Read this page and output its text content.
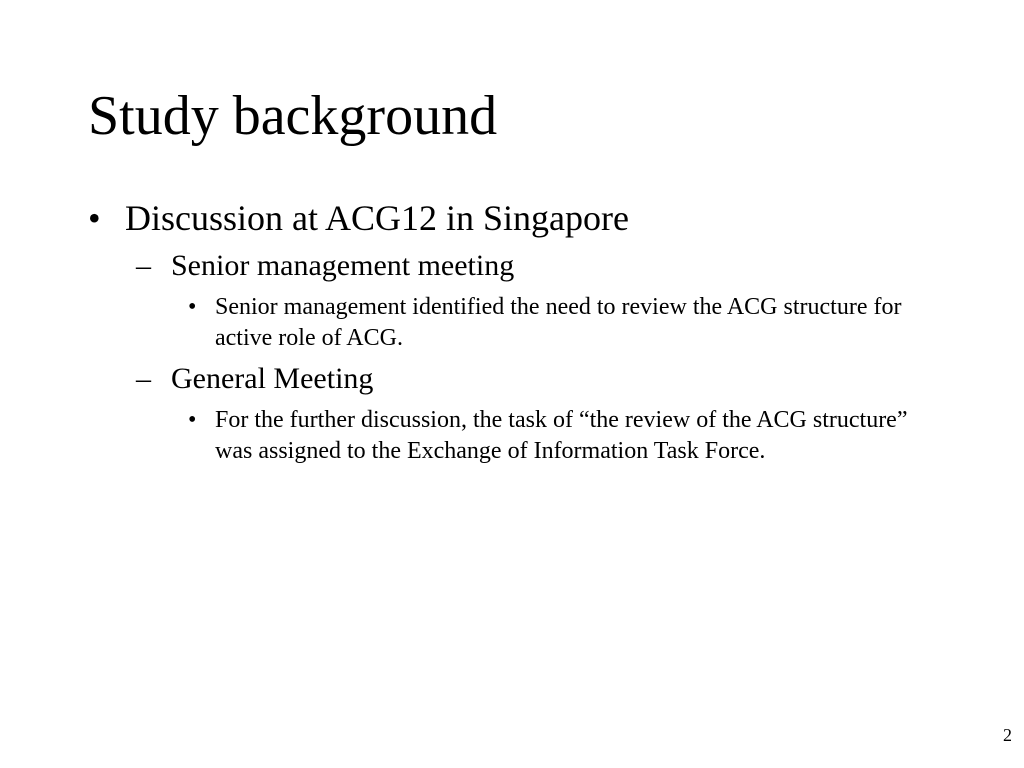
Study background
• Discussion at ACG12 in Singapore
– Senior management meeting
• Senior management identified the need to review the ACG structure for active role of ACG.
– General Meeting
• For the further discussion, the task of “the review of the ACG structure” was assigned to the Exchange of Information Task Force.
2
